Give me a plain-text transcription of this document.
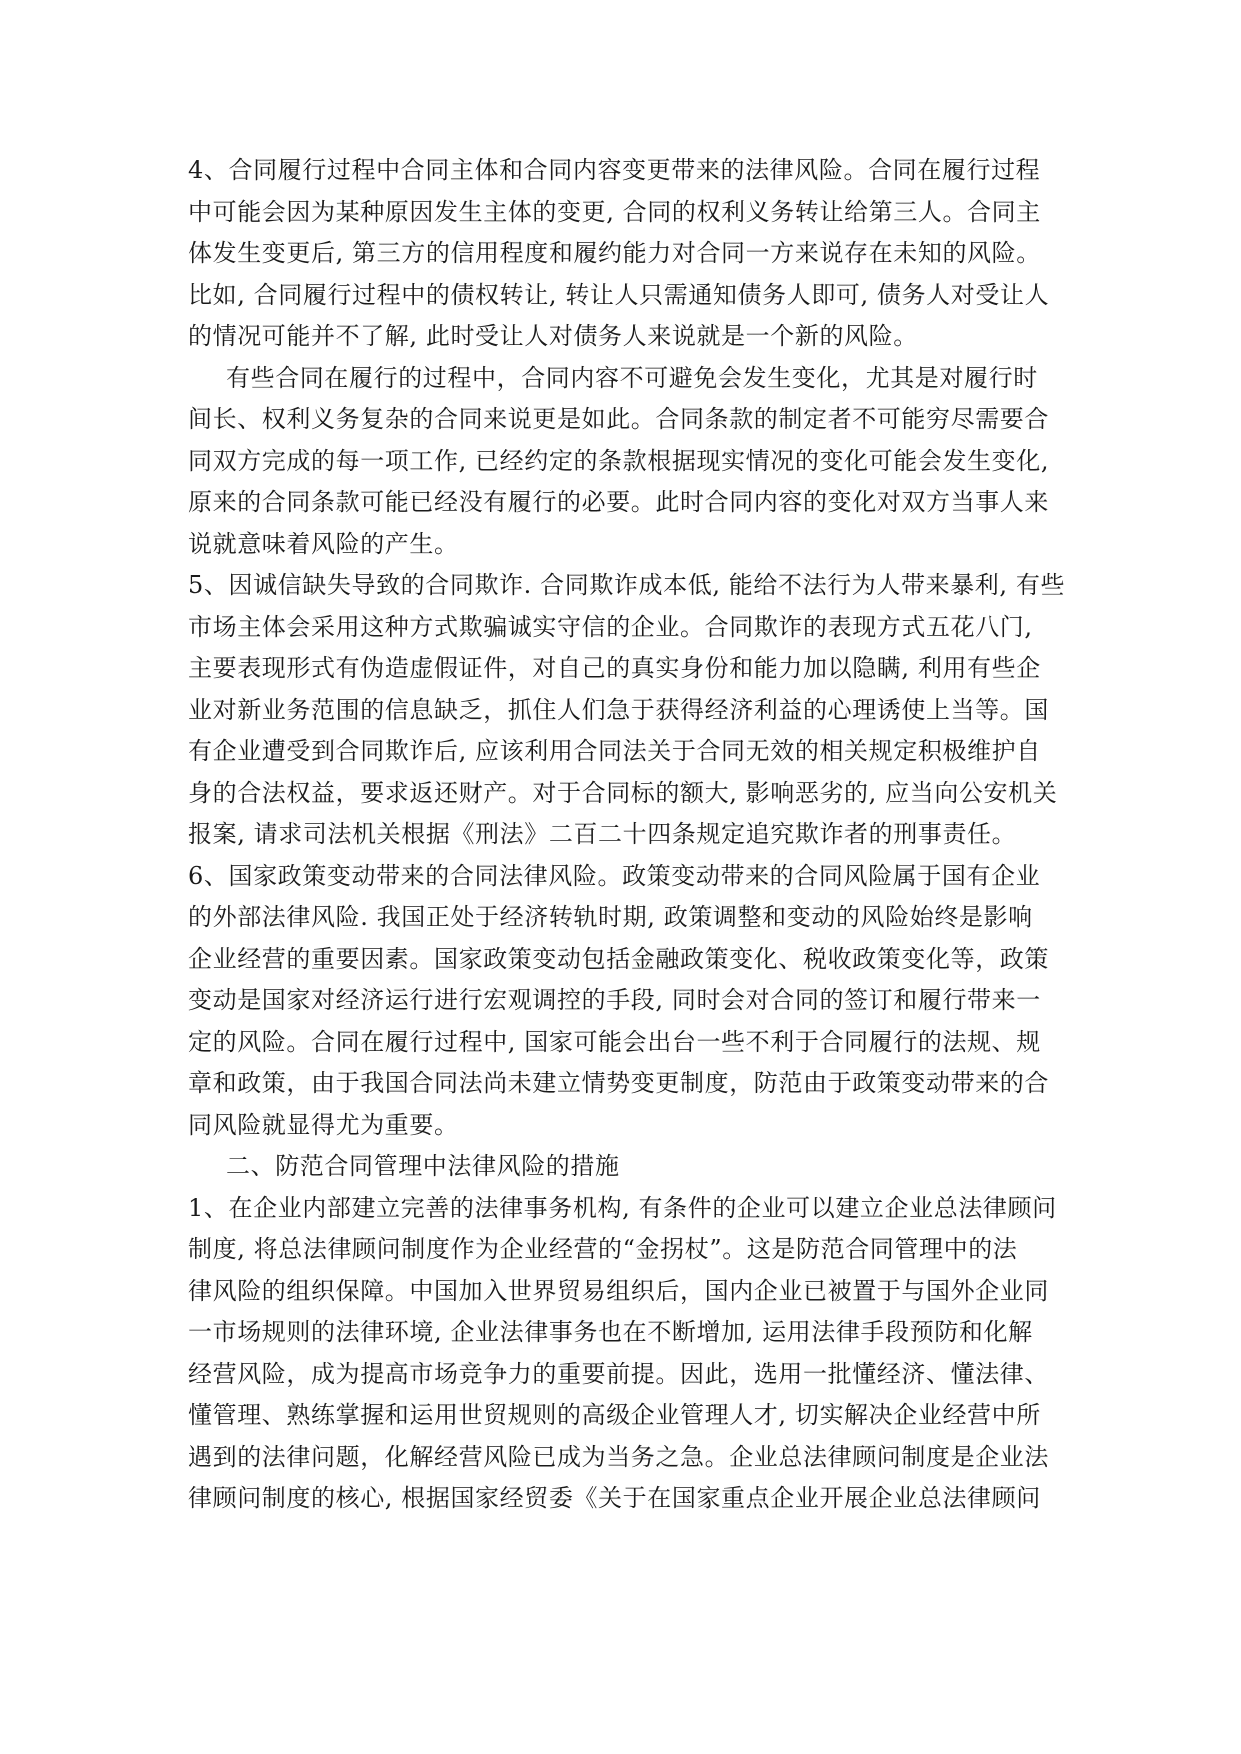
4、合同履行过程中合同主体和合同内容变更带来的法律风险。合同在履行过程
中可能会因为某种原因发生主体的变更, 合同的权利义务转让给第三人。合同主
体发生变更后, 第三方的信用程度和履约能力对合同一方来说存在未知的风险。
比如, 合同履行过程中的债权转让, 转让人只需通知债务人即可, 债务人对受让人
的情况可能并不了解, 此时受让人对债务人来说就是一个新的风险。
有些合同在履行的过程中，合同内容不可避免会发生变化，尤其是对履行时
间长、权利义务复杂的合同来说更是如此。合同条款的制定者不可能穷尽需要合
同双方完成的每一项工作, 已经约定的条款根据现实情况的变化可能会发生变化,
原来的合同条款可能已经没有履行的必要。此时合同内容的变化对双方当事人来
说就意味着风险的产生。
5、因诚信缺失导致的合同欺诈. 合同欺诈成本低, 能给不法行为人带来暴利, 有些
市场主体会采用这种方式欺骗诚实守信的企业。合同欺诈的表现方式五花八门,
主要表现形式有伪造虚假证件，对自己的真实身份和能力加以隐瞒, 利用有些企
业对新业务范围的信息缺乏，抓住人们急于获得经济利益的心理诱使上当等。国
有企业遭受到合同欺诈后, 应该利用合同法关于合同无效的相关规定积极维护自
身的合法权益，要求返还财产。对于合同标的额大, 影响恶劣的, 应当向公安机关
报案, 请求司法机关根据《刑法》二百二十四条规定追究欺诈者的刑事责任。
6、国家政策变动带来的合同法律风险。政策变动带来的合同风险属于国有企业
的外部法律风险. 我国正处于经济转轨时期, 政策调整和变动的风险始终是影响
企业经营的重要因素。国家政策变动包括金融政策变化、税收政策变化等，政策
变动是国家对经济运行进行宏观调控的手段, 同时会对合同的签订和履行带来一
定的风险。合同在履行过程中, 国家可能会出台一些不利于合同履行的法规、规
章和政策，由于我国合同法尚未建立情势变更制度，防范由于政策变动带来的合
同风险就显得尤为重要。
二、防范合同管理中法律风险的措施
1、在企业内部建立完善的法律事务机构, 有条件的企业可以建立企业总法律顾问
制度, 将总法律顾问制度作为企业经营的“金拐杖”。这是防范合同管理中的法
律风险的组织保障。中国加入世界贸易组织后，国内企业已被置于与国外企业同
一市场规则的法律环境, 企业法律事务也在不断增加, 运用法律手段预防和化解
经营风险，成为提高市场竞争力的重要前提。因此，选用一批懂经济、懂法律、
懂管理、熟练掌握和运用世贸规则的高级企业管理人才, 切实解决企业经营中所
遇到的法律问题，化解经营风险已成为当务之急。企业总法律顾问制度是企业法
律顾问制度的核心, 根据国家经贸委《关于在国家重点企业开展企业总法律顾问
